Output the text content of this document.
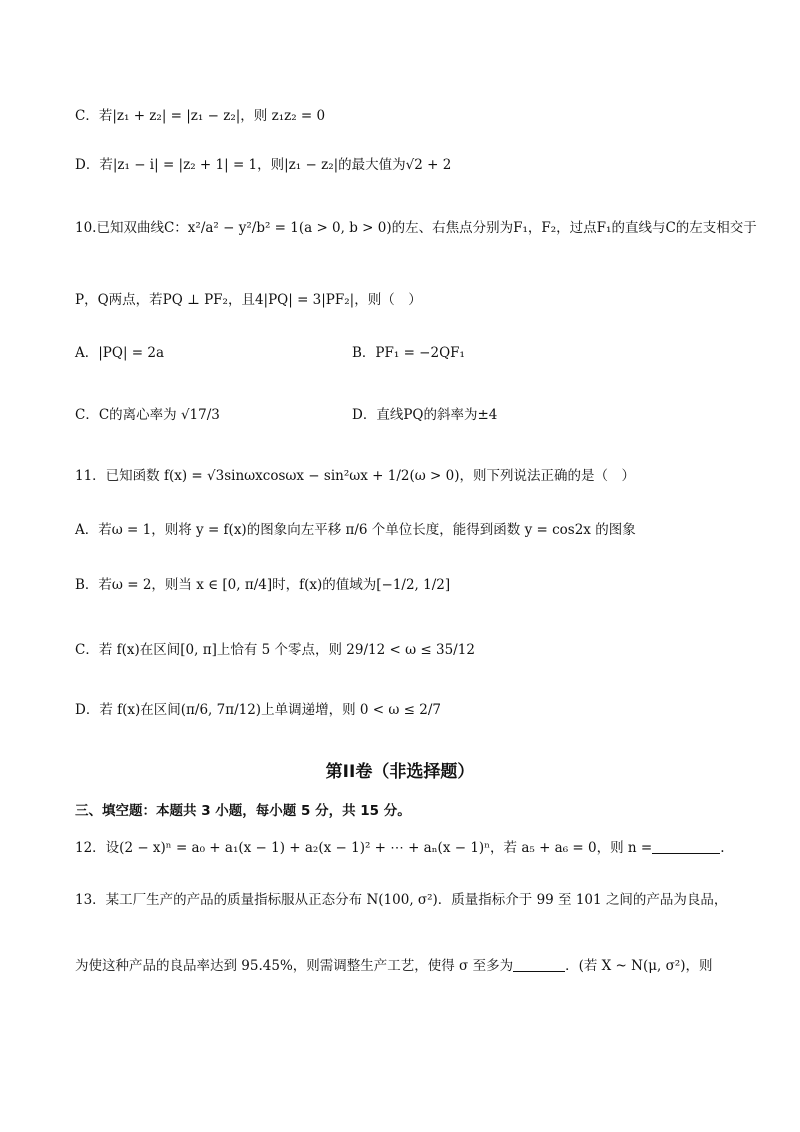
C．若|z₁ + z₂| = |z₁ − z₂|，则 z₁z₂ = 0
D．若|z₁ − i| = |z₂ + 1| = 1，则|z₁ − z₂|的最大值为√2 + 2
10.已知双曲线C：x²/a² − y²/b² = 1(a > 0, b > 0)的左、右焦点分别为F₁，F₂，过点F₁的直线与C的左支相交于
P，Q两点，若PQ ⊥ PF₂，且4|PQ| = 3|PF₂|，则（　）
A．|PQ| = 2a	B．PF₁ = −2QF₁
C．C的离心率为 √17/3	D．直线PQ的斜率为±4
11．已知函数 f(x) = √3sinωxcosωx − sin²ωx + 1/2(ω > 0)，则下列说法正确的是（　）
A．若ω = 1，则将 y = f(x)的图象向左平移 π/6 个单位长度，能得到函数 y = cos2x 的图象
B．若ω = 2，则当 x ∈ [0, π/4]时，f(x)的值域为[−1/2, 1/2]
C．若 f(x)在区间[0, π]上恰有 5 个零点，则 29/12 < ω ≤ 35/12
D．若 f(x)在区间(π/6, 7π/12)上单调递增，则 0 < ω ≤ 2/7
第II卷（非选择题）
三、填空题：本题共 3 小题，每小题 5 分，共 15 分。
12．设(2 − x)ⁿ = a₀ + a₁(x − 1) + a₂(x − 1)² + ⋯ + aₙ(x − 1)ⁿ，若 a₅ + a₆ = 0，则 n =	.
13．某工厂生产的产品的质量指标服从正态分布 N(100, σ²)．质量指标介于 99 至 101 之间的产品为良品，
为使这种产品的良品率达到 95.45%，则需调整生产工艺，使得 σ 至多为	．(若 X ~ N(μ, σ²)，则
